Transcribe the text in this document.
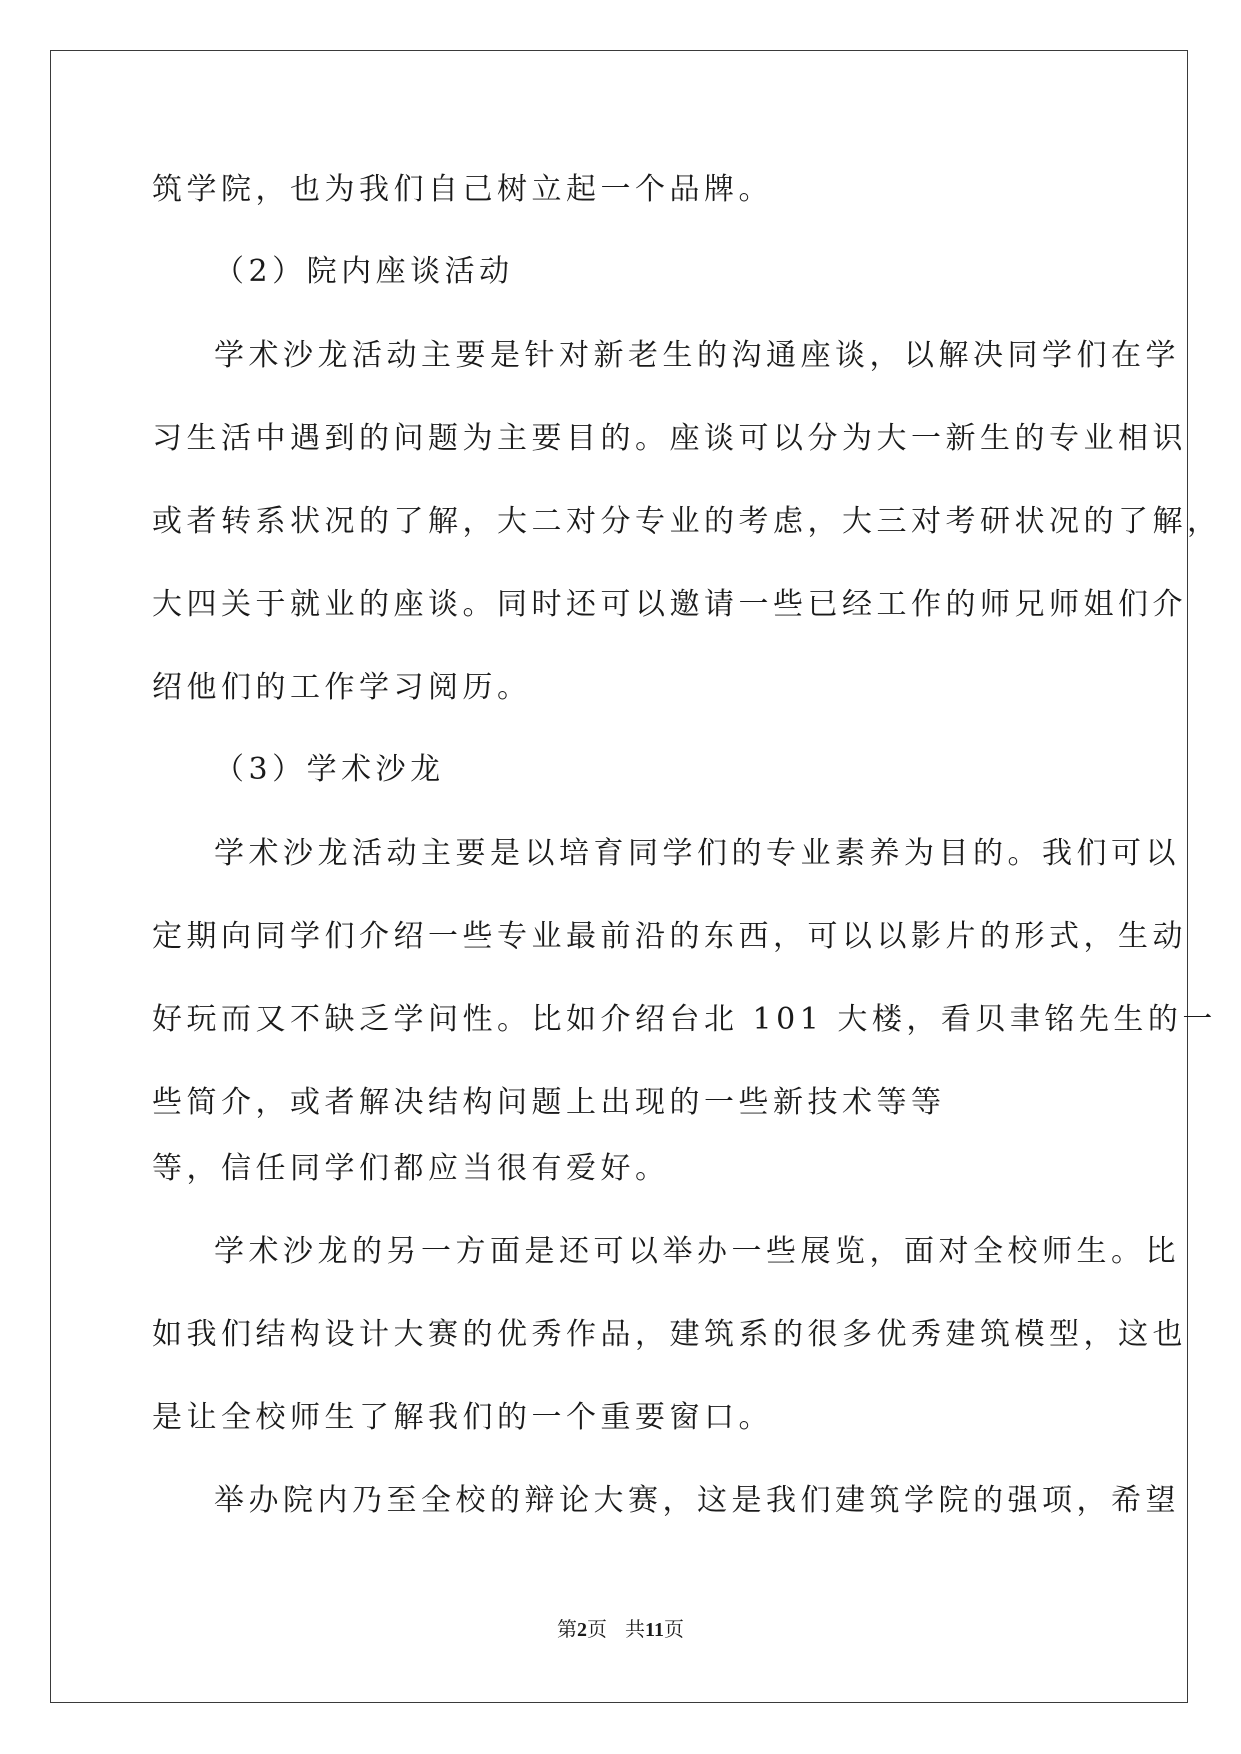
筑学院，也为我们自己树立起一个品牌。

（2）院内座谈活动

学术沙龙活动主要是针对新老生的沟通座谈，以解决同学们在学

习生活中遇到的问题为主要目的。座谈可以分为大一新生的专业相识

或者转系状况的了解，大二对分专业的考虑，大三对考研状况的了解，

大四关于就业的座谈。同时还可以邀请一些已经工作的师兄师姐们介

绍他们的工作学习阅历。

（3）学术沙龙

学术沙龙活动主要是以培育同学们的专业素养为目的。我们可以

定期向同学们介绍一些专业最前沿的东西，可以以影片的形式，生动

好玩而又不缺乏学问性。比如介绍台北 101 大楼，看贝聿铭先生的一

些简介，或者解决结构问题上出现的一些新技术等等

等，信任同学们都应当很有爱好。

学术沙龙的另一方面是还可以举办一些展览，面对全校师生。比

如我们结构设计大赛的优秀作品，建筑系的很多优秀建筑模型，这也

是让全校师生了解我们的一个重要窗口。

举办院内乃至全校的辩论大赛，这是我们建筑学院的强项，希望

第2页 共11页
